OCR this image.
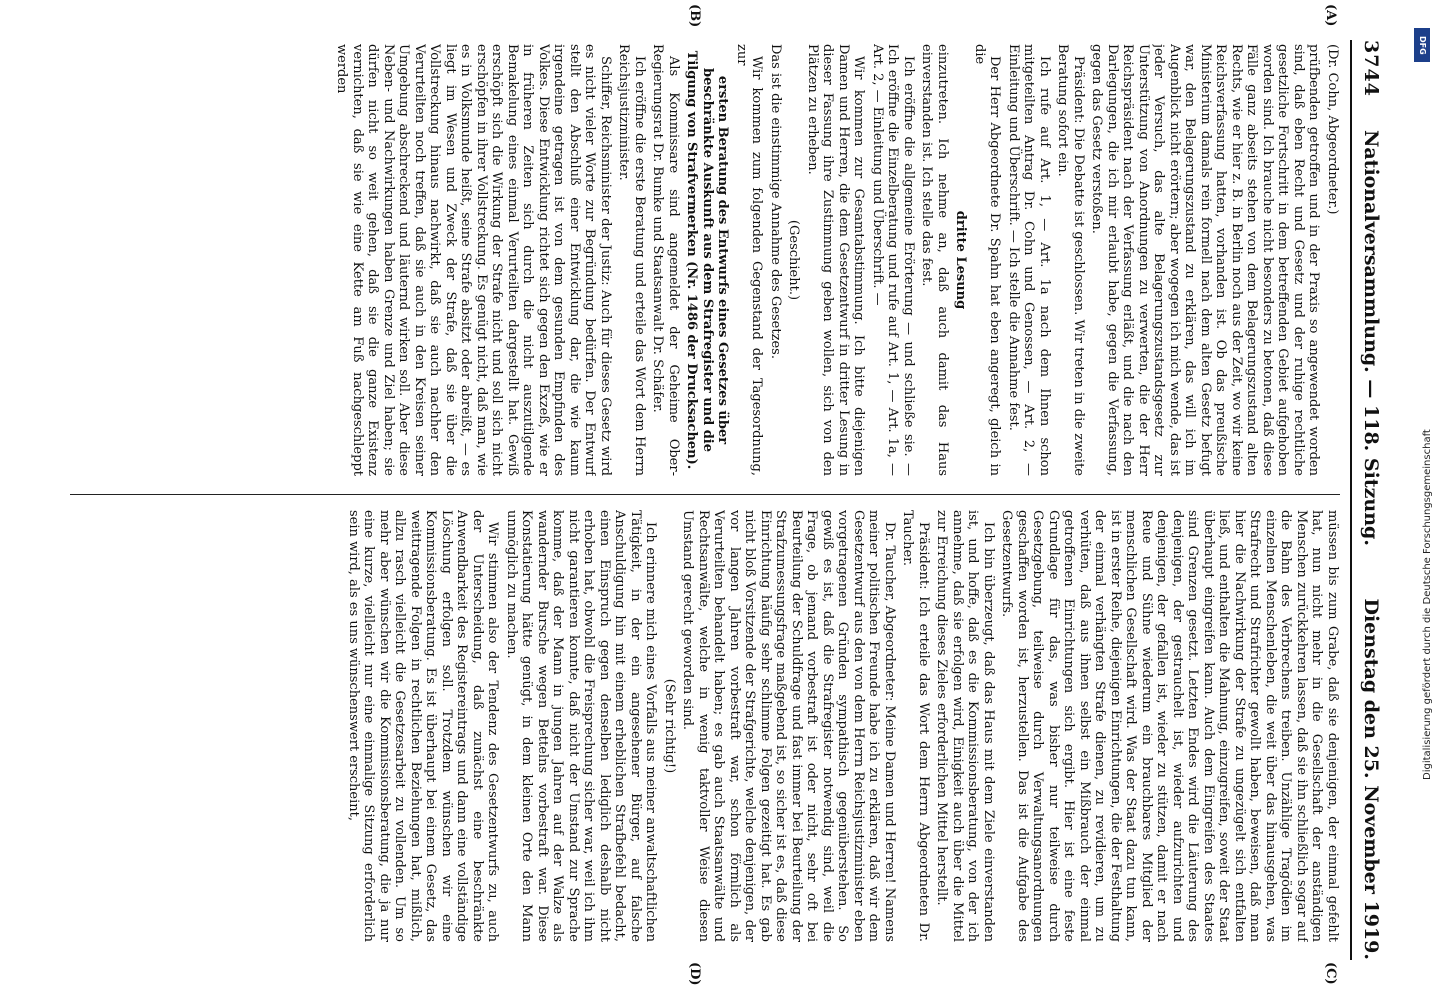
3744
Nationalversammlung. — 118. Sitzung.
Dienstag den 25. November 1919.
(A)
(B)
(C)
(D)

(Dr. Cohn, Abgeordneter.)

prüfbenden getroffen und in der Praxis so angewendet worden sind, daß eben Recht und Gesetz und der ruhige rechtliche gesetzliche Fortschritt in dem betreffenden Gebiet aufgehoben worden sind. Ich brauche nicht besonders zu betonen, daß diese Fälle ganz abseits stehen von dem Belagerungszustand alten Rechts, wie er hier z. B. in Berlin noch aus der Zeit, wo wir keine Reichsverfassung hatten, vorhanden ist. Ob das preußische Ministerium damals rein formell nach dem alten Gesetz befugt war, den Belagerungszustand zu erklären, das will ich im Augenblick nicht erörtern; aber wogegen ich mich wende, das ist jeder Versuch, das alte Belagerungszustandsgesetz zur Unterstützung von Anordnungen zu verwerten, die der Herr Reichspräsident nach der Verfassung erläßt, und die nach den Darlegungen, die ich mir erlaubt habe, gegen die Verfassung, gegen das Gesetz verstoßen.

Präsident: Die Debatte ist geschlossen. Wir treten in die zweite Beratung sofort ein.

Ich rufe auf Art. 1, — Art. 1a nach dem Ihnen schon mitgeteilten Antrag Dr. Cohn und Genossen, — Art. 2, — Einleitung und Überschrift. — Ich stelle die Annahme fest.

Der Herr Abgeordnete Dr. Spahn hat eben angeregt, gleich in die

dritte Lesung

einzutreten. Ich nehme an, daß auch damit das Haus einverstanden ist. Ich stelle das fest.

Ich eröffne die allgemeine Erörterung — und schließe sie. — Ich eröffne die Einzelberatung und rufe auf Art. 1, — Art. 1a, — Art. 2, — Einleitung und Überschrift. —

Wir kommen zur Gesamtabstimmung. Ich bitte diejenigen Damen und Herren, die dem Gesetzentwurf in dritter Lesung in dieser Fassung ihre Zustimmung geben wollen, sich von den Plätzen zu erheben.

(Geschieht.)

Das ist die einstimmige Annahme des Gesetzes.

Wir kommen zum folgenden Gegenstand der Tagesordnung, zur

ersten Beratung des Entwurfs eines Gesetzes über beschränkte Auskunft aus dem Strafregister und die Tilgung von Strafvermerken (Nr. 1486 der Drucksachen).

Als Kommissare sind angemeldet der Geheime Ober-Regierungsrat Dr. Bumke und Staatsanwalt Dr. Schäfer.

Ich eröffne die erste Beratung und erteile das Wort dem Herrn Reichsjustizminister.

Schiffer, Reichsminister der Justiz: Auch für dieses Gesetz wird es nicht vieler Worte zur Begründung bedürfen. Der Entwurf stellt den Abschluß einer Entwicklung dar, die wie kaum irgendeine getragen ist von dem gesunden Empfinden des Volkes. Diese Entwicklung richtet sich gegen den Exzeß, wie er in früheren Zeiten sich durch die nicht auszutilgende Bemakelung eines einmal Verurteilten dargestellt hat. Gewiß erschöpft sich die Wirkung der Strafe nicht und soll sich nicht erschöpfen in ihrer Vollstreckung. Es genügt nicht, daß man, wie es in Volksmunde heißt, seine Strafe absitzt oder abreißt, — es liegt im Wesen und Zweck der Strafe, daß sie über die Vollstreckung hinaus nachwirkt, daß sie auch nachher den Verurteilten noch treffen, daß sie auch in den Kreisen seiner Umgebung abschreckend und läuternd wirken soll. Aber diese Neben- und Nachwirkungen haben Grenze und Ziel haben; sie dürfen nicht so weit gehen, daß sie die ganze Existenz vernichten, daß sie wie eine Kette am Fuß nachgeschleppt werden

müssen bis zum Grabe, daß sie denjenigen, der einmal gefehlt hat, nun nicht mehr in die Gesellschaft der anständigen Menschen zurückkehren lassen, daß sie ihn schließlich sogar auf die Bahn des Verbrechens treiben. Unzählige Tragödien im einzelnen Menschenleben, die weit über das hinausgehen, was Strafrecht und Strafrichter gewollt haben, beweisen, daß man hier die Nachwirkung der Strafe zu ungezügelt sich entfalten ließ, und enthalten die Mahnung, einzugreifen, soweit der Staat überhaupt eingreifen kann. Auch dem Eingreifen des Staates sind Grenzen gesetzt. Letzten Endes wird die Läuterung des denjenigen, der gestrauchelt ist, wieder aufzurichten und denjenigen, der gefallen ist, wieder zu stützen, damit er nach Reue und Sühne wiederum ein brauchbares Mitglied der menschlichen Gesellschaft wird. Was der Staat dazu tun kann, ist in erster Reihe, diejenigen Einrichtungen, die der Festhaltung der einmal verhängten Strafe dienen, zu revidieren, um zu verhüten, daß aus ihnen selbst ein Mißbrauch der einmal getroffenen Einrichtungen sich ergibt. Hier ist eine feste Grundlage für das, was bisher nur teilweise durch Gesetzgebung, teilweise durch Verwaltungsanordnungen geschaffen worden ist, herzustellen. Das ist die Aufgabe des Gesetzentwurfs.

Ich bin überzeugt, daß das Haus mit dem Ziele einverstanden ist, und hoffe, daß es die Kommissionsberatung, von der ich annehme, daß sie erfolgen wird, Einigkeit auch über die Mittel zur Erreichung dieses Zieles erforderlichen Mittel herstellt.

Präsident: Ich erteile das Wort dem Herrn Abgeordneten Dr. Taucher.

Dr. Taucher, Abgeordneter: Meine Damen und Herren! Namens meiner politischen Freunde habe ich zu erklären, daß wir dem Gesetzentwurf aus den von dem Herrn Reichsjustizminister eben vorgetragenen Gründen sympathisch gegenüberstehen. So gewiß es ist, daß die Strafregister notwendig sind, weil die Frage, ob jemand vorbestraft ist oder nicht, sehr oft bei Beurteilung der Schuldfrage und fast immer bei Beurteilung der Strafzumessungsfrage maßgebend ist, so sicher ist es, daß diese Einrichtung häufig sehr schlimme Folgen gezeitigt hat. Es gab nicht bloß Vorsitzende der Strafgerichte, welche denjenigen, der vor langen Jahren vorbestraft war, schon förmlich als Verurteilten behandelt haben; es gab auch Staatsanwälte und Rechtsanwälte, welche in wenig taktvoller Weise diesen Umstand gerecht geworden sind.

(Sehr richtig!)

Ich erinnere mich eines Vorfalls aus meiner anwaltschaftlichen Tätigkeit, in der ein angesehener Bürger, auf falsche Anschuldigung hin mit einem erheblichen Strafbefehl bedacht, einen Einspruch gegen denselben lediglich deshalb nicht erhoben hat, obwohl die Freisprechung sicher war, weil ich ihm nicht garantieren konnte, daß nicht der Umstand zur Sprache komme, daß der Mann in jungen Jahren auf der Walze als wandernder Bursche wegen Bettelns vorbestraft war. Diese Konstatierung hätte genügt, in dem kleinen Orte den Mann unmöglich zu machen.

Wir stimmen also der Tendenz des Gesetzentwurfs zu, auch der Unterscheidung, daß zunächst eine beschränkte Anwendbarkeit des Registereintrags und dann eine vollständige Löschung erfolgen soll. Trotzdem wünschen wir eine Kommissionsberatung. Es ist überhaupt bei einem Gesetz, das weittragende Folgen in rechtlichen Beziehungen hat, mißlich, allzu rasch vielleicht die Gesetzesarbeit zu vollenden. Um so mehr aber wünschen wir die Kommissionsberatung, die ja nur eine kurze, vielleicht nur eine einmalige Sitzung erforderlich sein wird, als es uns wünschenswert erscheint,

DFG
Digitalisierung gefördert durch die Deutsche Forschungsgemeinschaft
